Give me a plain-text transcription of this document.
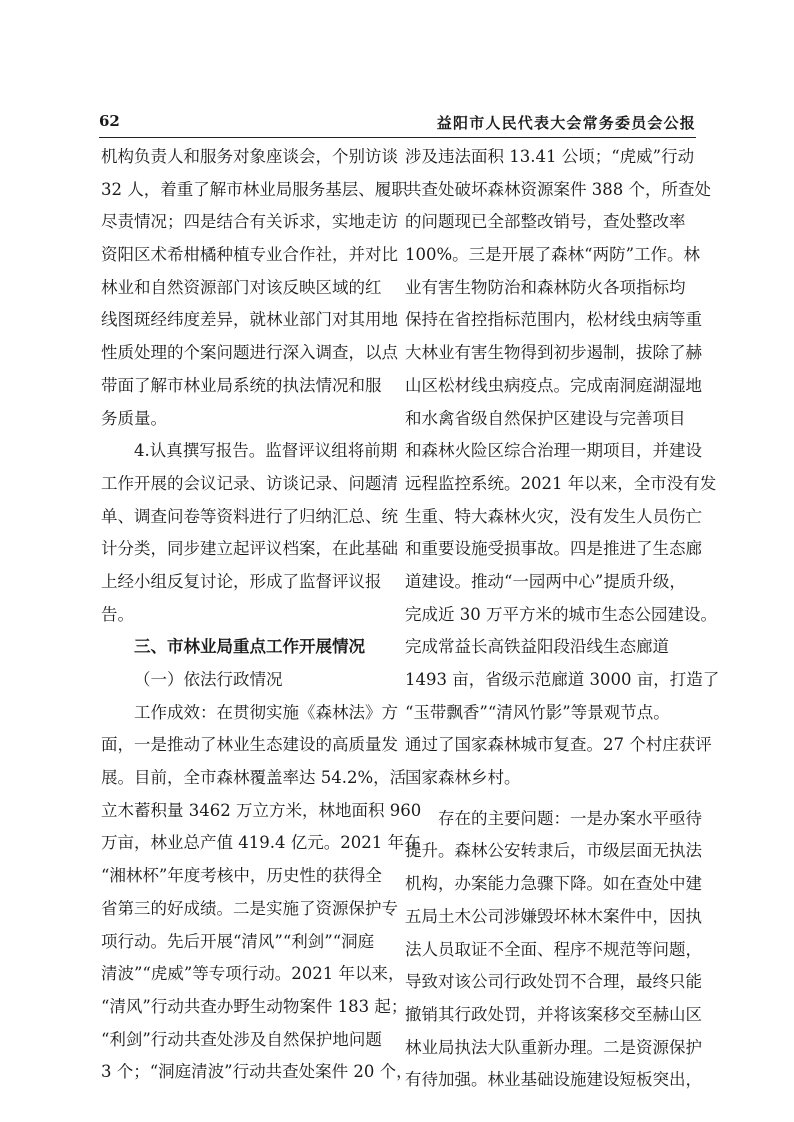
62	益阳市人民代表大会常务委员会公报
机构负责人和服务对象座谈会，个别访谈
32 人，着重了解市林业局服务基层、履职
尽责情况；四是结合有关诉求，实地走访
资阳区术希柑橘种植专业合作社，并对比
林业和自然资源部门对该反映区域的红
线图斑经纬度差异，就林业部门对其用地
性质处理的个案问题进行深入调查，以点
带面了解市林业局系统的执法情况和服
务质量。
4.认真撰写报告。监督评议组将前期
工作开展的会议记录、访谈记录、问题清
单、调查问卷等资料进行了归纳汇总、统
计分类，同步建立起评议档案，在此基础
上经小组反复讨论，形成了监督评议报
告。
三、市林业局重点工作开展情况
（一）依法行政情况
工作成效：在贯彻实施《森林法》方
面，一是推动了林业生态建设的高质量发
展。目前，全市森林覆盖率达 54.2%，活
立木蓄积量 3462 万立方米，林地面积 960
万亩，林业总产值 419.4 亿元。2021 年在
“湘林杯”年度考核中，历史性的获得全
省第三的好成绩。二是实施了资源保护专
项行动。先后开展“清风”“利剑”“洞庭
清波”“虎威”等专项行动。2021 年以来，
“清风”行动共查办野生动物案件 183 起；
“利剑”行动共查处涉及自然保护地问题
3 个；“洞庭清波”行动共查处案件 20 个，
涉及违法面积 13.41 公顷；“虎威”行动
共查处破坏森林资源案件 388 个，所查处
的问题现已全部整改销号，查处整改率
100%。三是开展了森林“两防”工作。林
业有害生物防治和森林防火各项指标均
保持在省控指标范围内，松材线虫病等重
大林业有害生物得到初步遏制，拔除了赫
山区松材线虫病疫点。完成南洞庭湖湿地
和水禽省级自然保护区建设与完善项目
和森林火险区综合治理一期项目，并建设
远程监控系统。2021 年以来，全市没有发
生重、特大森林火灾，没有发生人员伤亡
和重要设施受损事故。四是推进了生态廊
道建设。推动“一园两中心”提质升级，
完成近 30 万平方米的城市生态公园建设。
完成常益长高铁益阳段沿线生态廊道
1493 亩，省级示范廊道 3000 亩，打造了
“玉带飘香”“清风竹影”等景观节点。
通过了国家森林城市复查。27 个村庄获评
国家森林乡村。
存在的主要问题：一是办案水平亟待
提升。森林公安转隶后，市级层面无执法
机构，办案能力急骤下降。如在查处中建
五局土木公司涉嫌毁坏林木案件中，因执
法人员取证不全面、程序不规范等问题，
导致对该公司行政处罚不合理，最终只能
撤销其行政处罚，并将该案移交至赫山区
林业局执法大队重新办理。二是资源保护
有待加强。林业基础设施建设短板突出，
